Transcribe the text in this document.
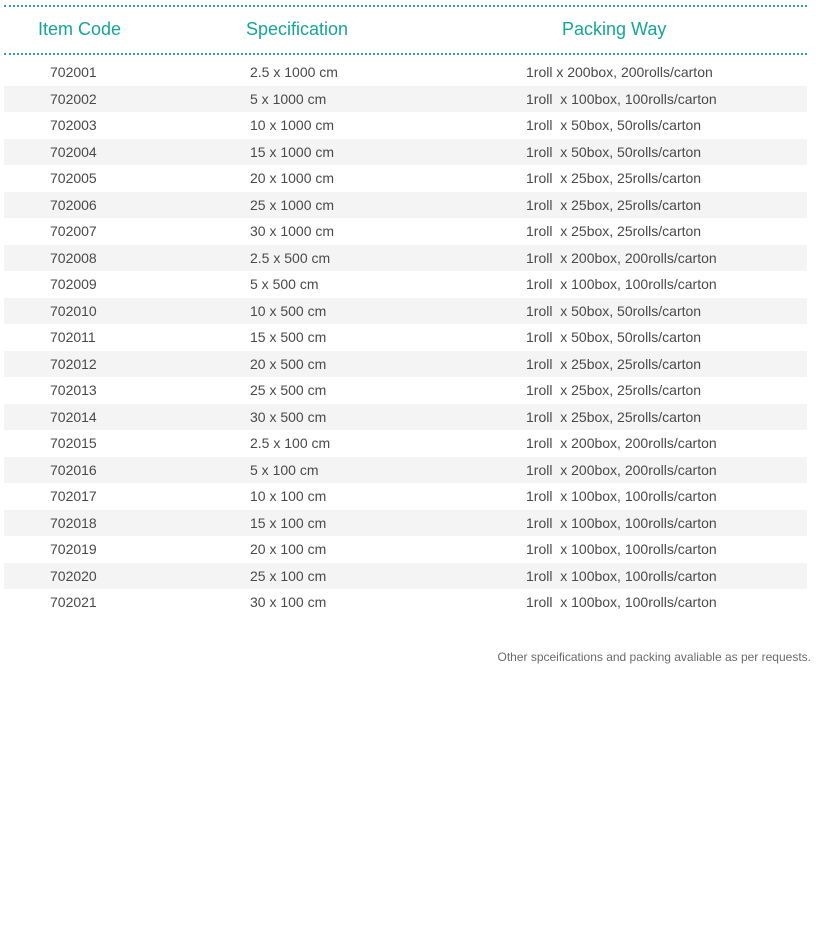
Item Code	Specification	Packing Way
702001	2.5 x 1000 cm	1roll x 200box, 200rolls/carton
702002	5 x 1000 cm	1roll  x 100box, 100rolls/carton
702003	10 x 1000 cm	1roll  x 50box, 50rolls/carton
702004	15 x 1000 cm	1roll  x 50box, 50rolls/carton
702005	20 x 1000 cm	1roll  x 25box, 25rolls/carton
702006	25 x 1000 cm	1roll  x 25box, 25rolls/carton
702007	30 x 1000 cm	1roll  x 25box, 25rolls/carton
702008	2.5 x 500 cm	1roll  x 200box, 200rolls/carton
702009	5 x 500 cm	1roll  x 100box, 100rolls/carton
702010	10 x 500 cm	1roll  x 50box, 50rolls/carton
702011	15 x 500 cm	1roll  x 50box, 50rolls/carton
702012	20 x 500 cm	1roll  x 25box, 25rolls/carton
702013	25 x 500 cm	1roll  x 25box, 25rolls/carton
702014	30 x 500 cm	1roll  x 25box, 25rolls/carton
702015	2.5 x 100 cm	1roll  x 200box, 200rolls/carton
702016	5 x 100 cm	1roll  x 200box, 200rolls/carton
702017	10 x 100 cm	1roll  x 100box, 100rolls/carton
702018	15 x 100 cm	1roll  x 100box, 100rolls/carton
702019	20 x 100 cm	1roll  x 100box, 100rolls/carton
702020	25 x 100 cm	1roll  x 100box, 100rolls/carton
702021	30 x 100 cm	1roll  x 100box, 100rolls/carton
Other spceifications and packing avaliable as per requests.
